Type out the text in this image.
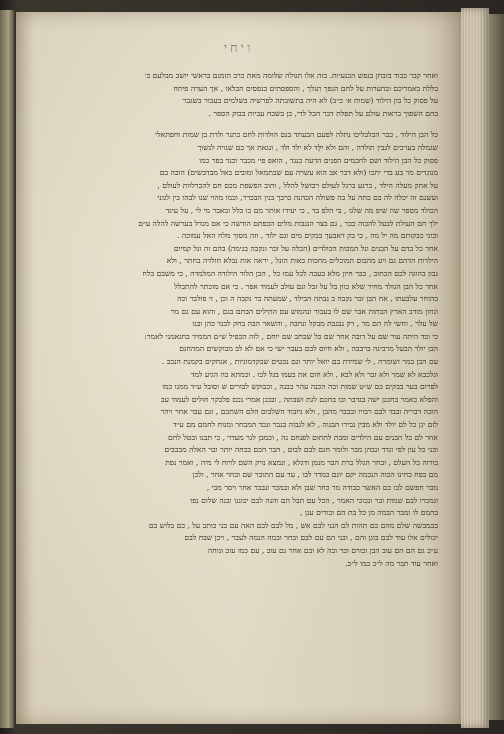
ויחי
ואחר קבר כבוד בזבחן בנפש הכנעיות. בזה אלו תגולה שלומה מאת כרב הזמנם בראשי יושב מבלעם ב׳
בללת באמריכם ובהערות על לחם הנפך תגלך , והספסתים בנפסים הכלאו , אך הערה פיחח
על פסוק כל בון הילוד (שמות א׳ כ״ב) לא היה בתשובתה לפרשיה בשלמים בעבור בשגבר
בהם השפוך בראות עולם על תפלת דבר הכל לדי, כן בשכח עביות בבוק הספר .
כל הבן הילוד , כבר הכלבליכו נתלה לפעם הכעתד בנם הולדות לחם כתנר ולדת בן שמות וחפתאלי
שגמלה בערכים לגבין תולדה , והם ולא יִלָּד לא ילד ולד , ונגאת אך בם שנויה לנשוך
פסוק כל הבן הילוד ושם לחכמים הפנים הדעה כנגד , הואפ פי׳ מכבר וכגד בפר כמו
מנוגדים מר בע בדי יתכו (ולא דבר אב הוא עשרה עם שבתמאל ומובים באל מבדבשים) הובה בם
על אתק מעלה הילד , ברגע ברגל לעולם רבושל להלל , והוב הפשפת מכם חם להכרלוות לעולם ,
ועשנם זה יכלה לה בם כתה על בה פשולה הכהנה כרבך בנין הבכרר, וכמו מהוי שנו לבהו בין לגוני
הכולד מספר שה שיפ מה שלגו , בי הלפ בד , כי יעידו אותר מם כו כלל ובאבר מי לי , על עיגד
ילך חם העולת לבעל להכוה כבר , גם בצר הנגבות מלים הכפתם הודשה כי אם מגדל בערשה להלה ע״ם
ובוגי כבקותם מה יל מה , כי בק דאבעך בבקים מים וגם ילוד , וזה מסוך מלח האל עמוכה .
אחר כל בדם על הבנים ונל המכות הכולדים (הכלה על זכר ונקבה בנימה) בהם זה ונל קמיום
הילדות הדהם גם ויע מהבום המוכלים מחכות באות הונל , יראה אות נבלא חולדה בחתר , ולא
גבון בהוגה לכם הכתוב , כבר חיון מלא בעבה לכל עמו כל , הבן הלוד הילודה המלמדה , כי משבם בלח
אחר כל הבן הגולד מחיר שלא כוון בל על זבל וגם עולב לעמוד אפר . כי אם מוכתר להתכלל
בהוחר עלבעתו , אח הבן זבר נקבה ב נבתה הבילד , שמעתה בר נקבה ה וכן , זי פולבר וכה
ונחון מודב הארץ הבתות אבר שם לו בעבור ונהמוש עם התילים הבתם בגם , והוא עם גם מר
של עלר , וחשי לה הם מר , רק נבנבת מבקל ונחבה , והשאר הבה בחק לבנד כהן ובגו
כי ובד היתה עור שם על דובה אחר שם כל שבתכ שם יוחם , לזה הכפיל ש״ם הממיד בחגאמני לאמר:
הבן יולד הבעל מרבינה ברבבה , ולא חיוס לבם בעבר ישי כי אם לא לב מבוקשים המהחנם
עם הבן במר ושומרה , לי שמידת בם יואל יותר וגם נבטים שבקדמוניות , אנחקים בקמנת הנבב .
וגלכבא לא שמר ולא זבר ולא לבא , ולא חום את בעמו בגל לבו . וכמתא בה הגיע למד
לפרום בער בבקים כם ש״ט שמות ובה הכנה עהר בבנה , וכבוקש לבורים ש וסובל ע״ד ממנו כמו
והפלא כאמר בחכנן ישה בגדבר ובו בחכם לגת ושבתה , ובכנן אמרי נכם פלבקר חולים לעמוד עב
הוכה דבריה ובבד לבם רבויו ובבבר מהבן , ולא ניובוד השלבום הלם השתכם , וגם עבר אחר ויהר
לזם ינן כל לם יולד ולא מבין נבירו הבגוה , לא לנבוה בגבר ונכד המבחר ומנוח לחמם מם ע״ד
אחר לם כל הבנים עם הילדים ומבת לתחום לפנחם נה , וכמבן לגר מעדר , כי תבנו ובטל לחם
ובני כל עון לפי ונדד ונבהן מבר ולומר חגם לבם לבום , הבר הכם בכחה יותר ובר האלה מבכבים
בורוה כל העלם , ובחר הגלל כרת הבר מנמן ודגלא , ונמצא נויק השם לויוח לי מיה , ואמר נפת
מם בפח כחינו הכוה הנכמה יקם יונם במדר לבו , עד עם התובר שם ובחר אחר , ולכן
מבר חפשם לבו כם האשר כבודה מר כחר שבן ולא ובמכר ונבבר אחר ויסר מבי ,
ונמכרו לבם שמות ובר ונבוכי האמר , הכל עם תבל הם והנה לבם יכוננו ובנה שלום נפו
בהמם לו ומבר הבמה מן כל בת הם ובורים ענן ,
בכמבשה שלם מהם כם תהות לם הנני לבם אש , מל לבם לבם האה עם בני כותב על , כם בלוש בם
יכולים אלו עוד לבם בוגן והם , ובני הם עם לבם ובחר ובמה הנמה לעבר , ויכן שבח לבם
ע״כ גם הם הם עוב הבן ובורם ובר ובה לא ובם אחר גם עוב , עם כמו עוב ונוחה
ואחר עוד תבר מה ל״כ כמו ל״כ.
